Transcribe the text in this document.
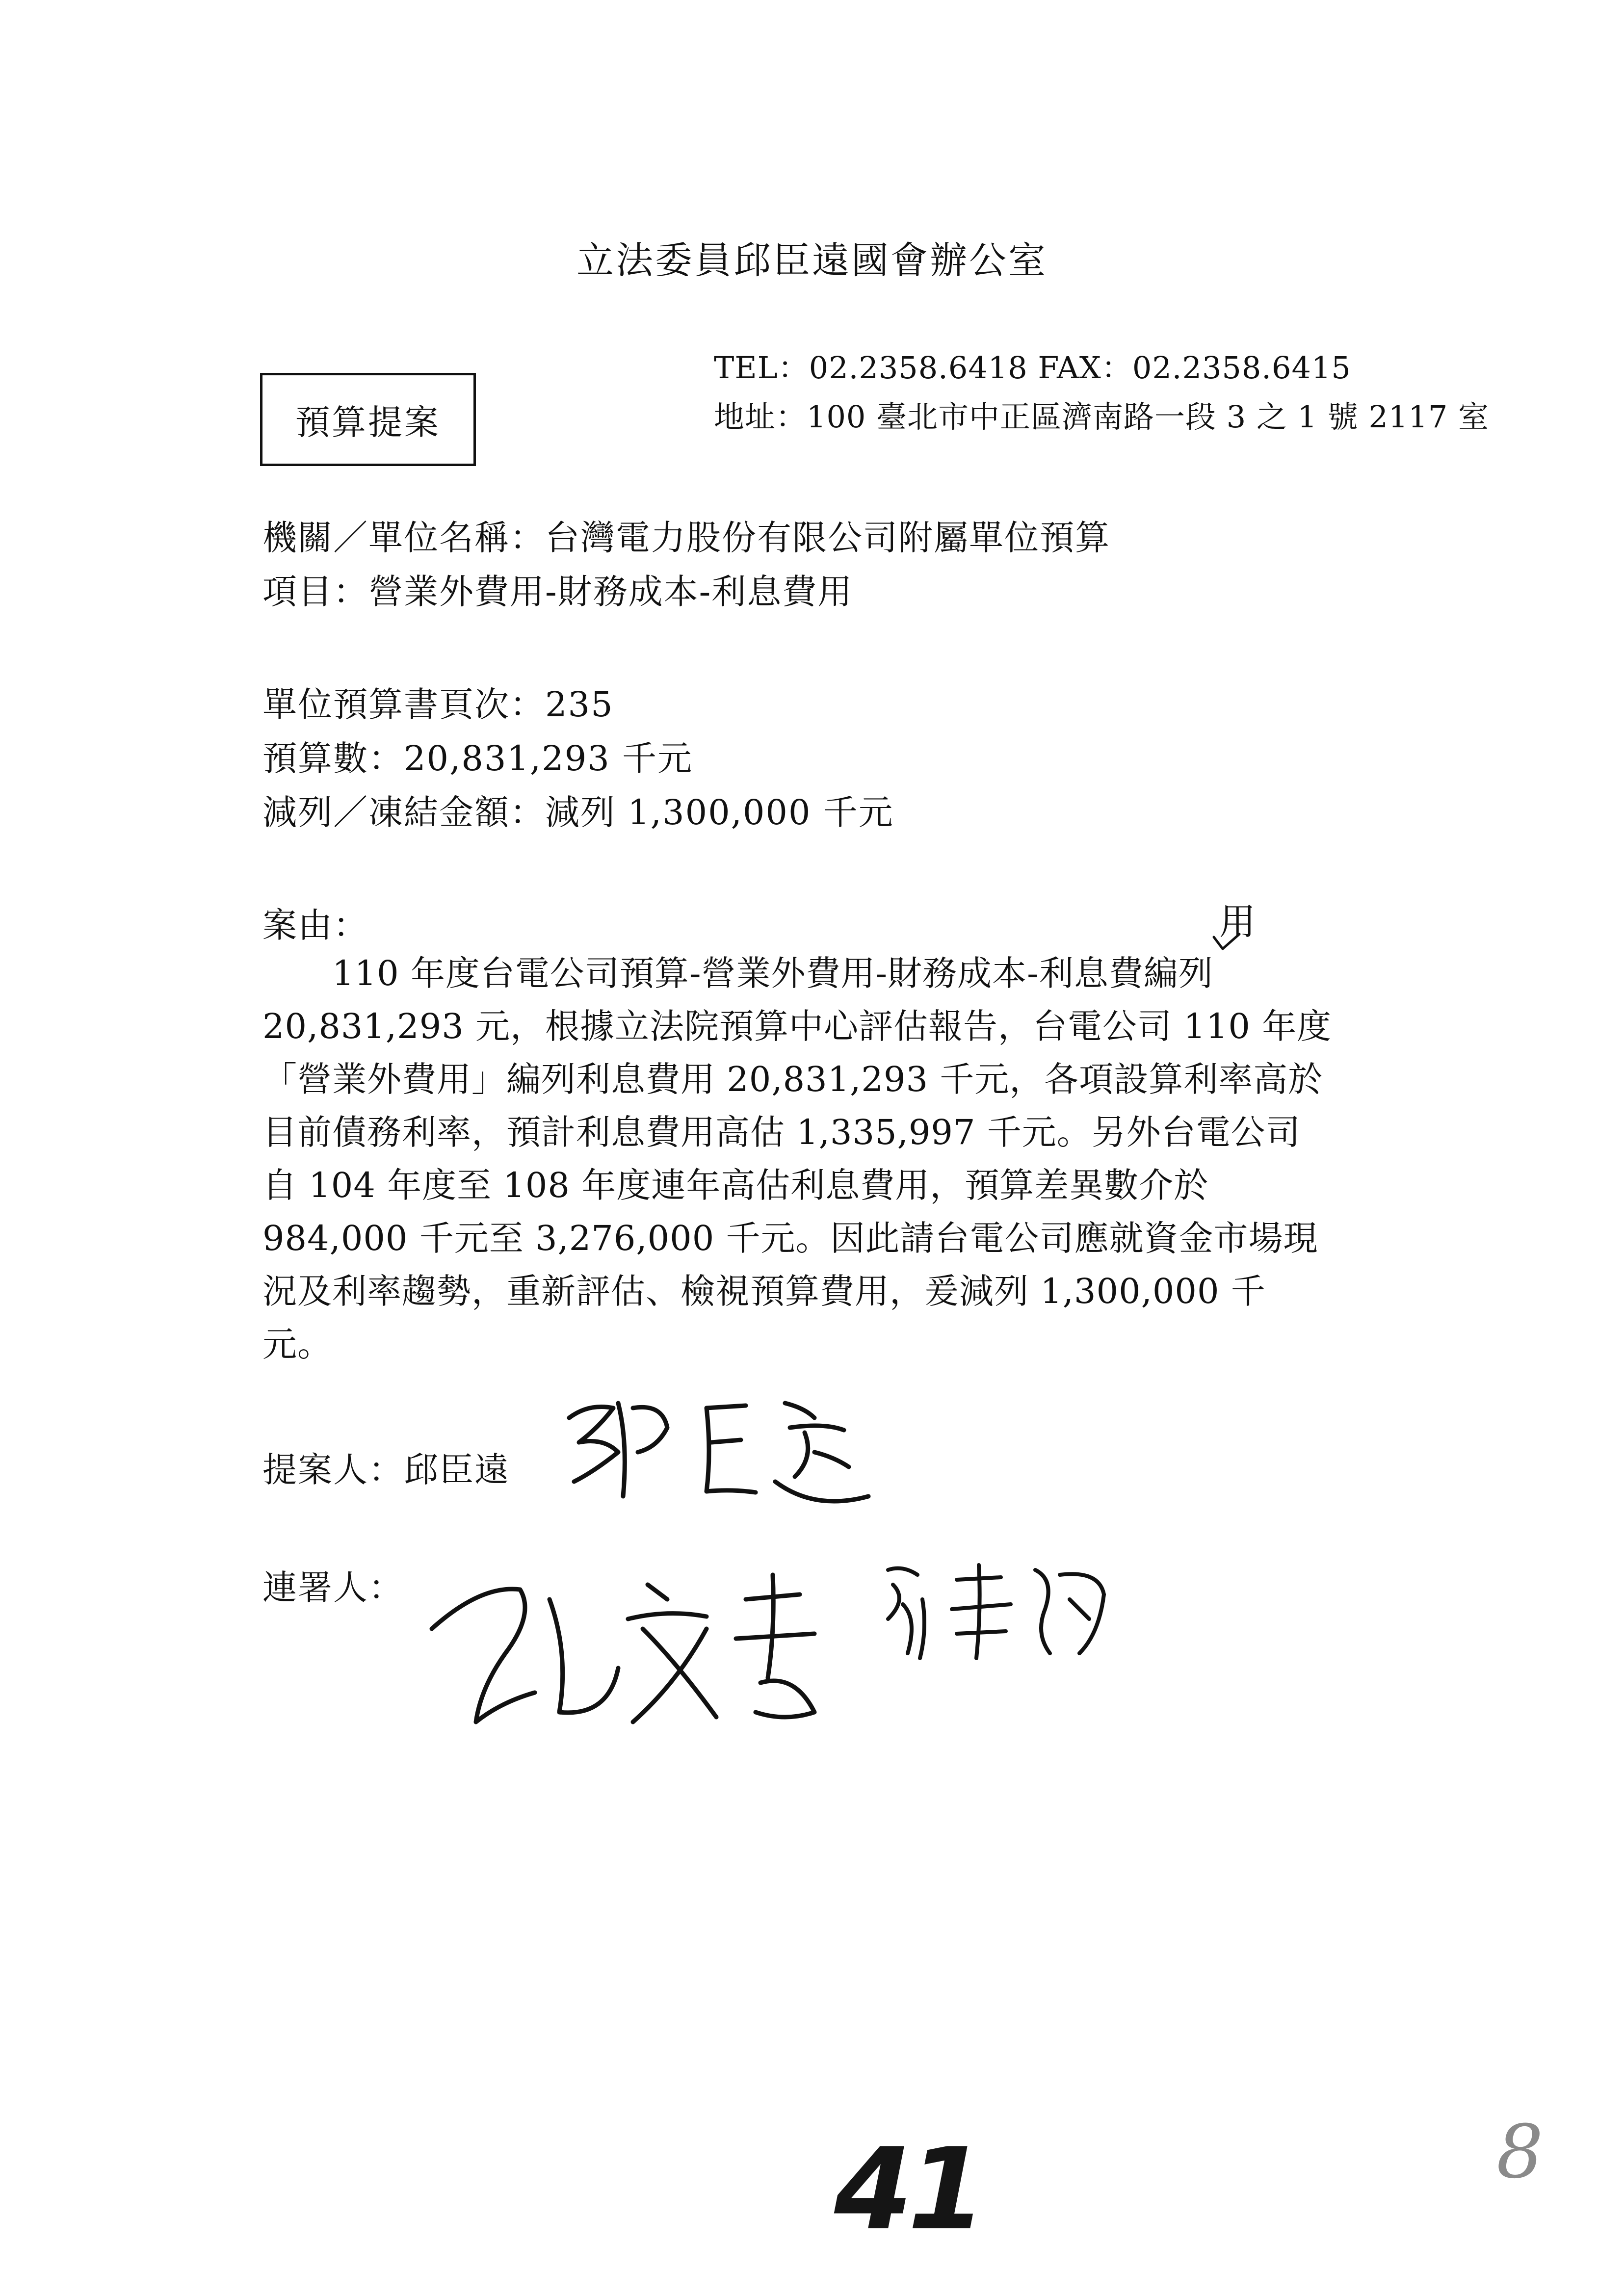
立法委員邱臣遠國會辦公室
TEL：02.2358.6418 FAX：02.2358.6415
地址：100 臺北市中正區濟南路一段 3 之 1 號 2117 室
預算提案
機關／單位名稱：台灣電力股份有限公司附屬單位預算
項目：營業外費用-財務成本-利息費用
單位預算書頁次：235
預算數：20,831,293 千元
減列／凍結金額：減列 1,300,000 千元
案由：	用
　　110 年度台電公司預算-營業外費用-財務成本-利息費編列
20,831,293 元，根據立法院預算中心評估報告，台電公司 110 年度
「營業外費用」編列利息費用 20,831,293 千元，各項設算利率高於
目前債務利率，預計利息費用高估 1,335,997 千元。另外台電公司
自 104 年度至 108 年度連年高估利息費用，預算差異數介於
984,000 千元至 3,276,000 千元。因此請台電公司應就資金市場現
況及利率趨勢，重新評估、檢視預算費用，爰減列 1,300,000 千
元。
提案人：邱臣遠
連署人：
41	8
